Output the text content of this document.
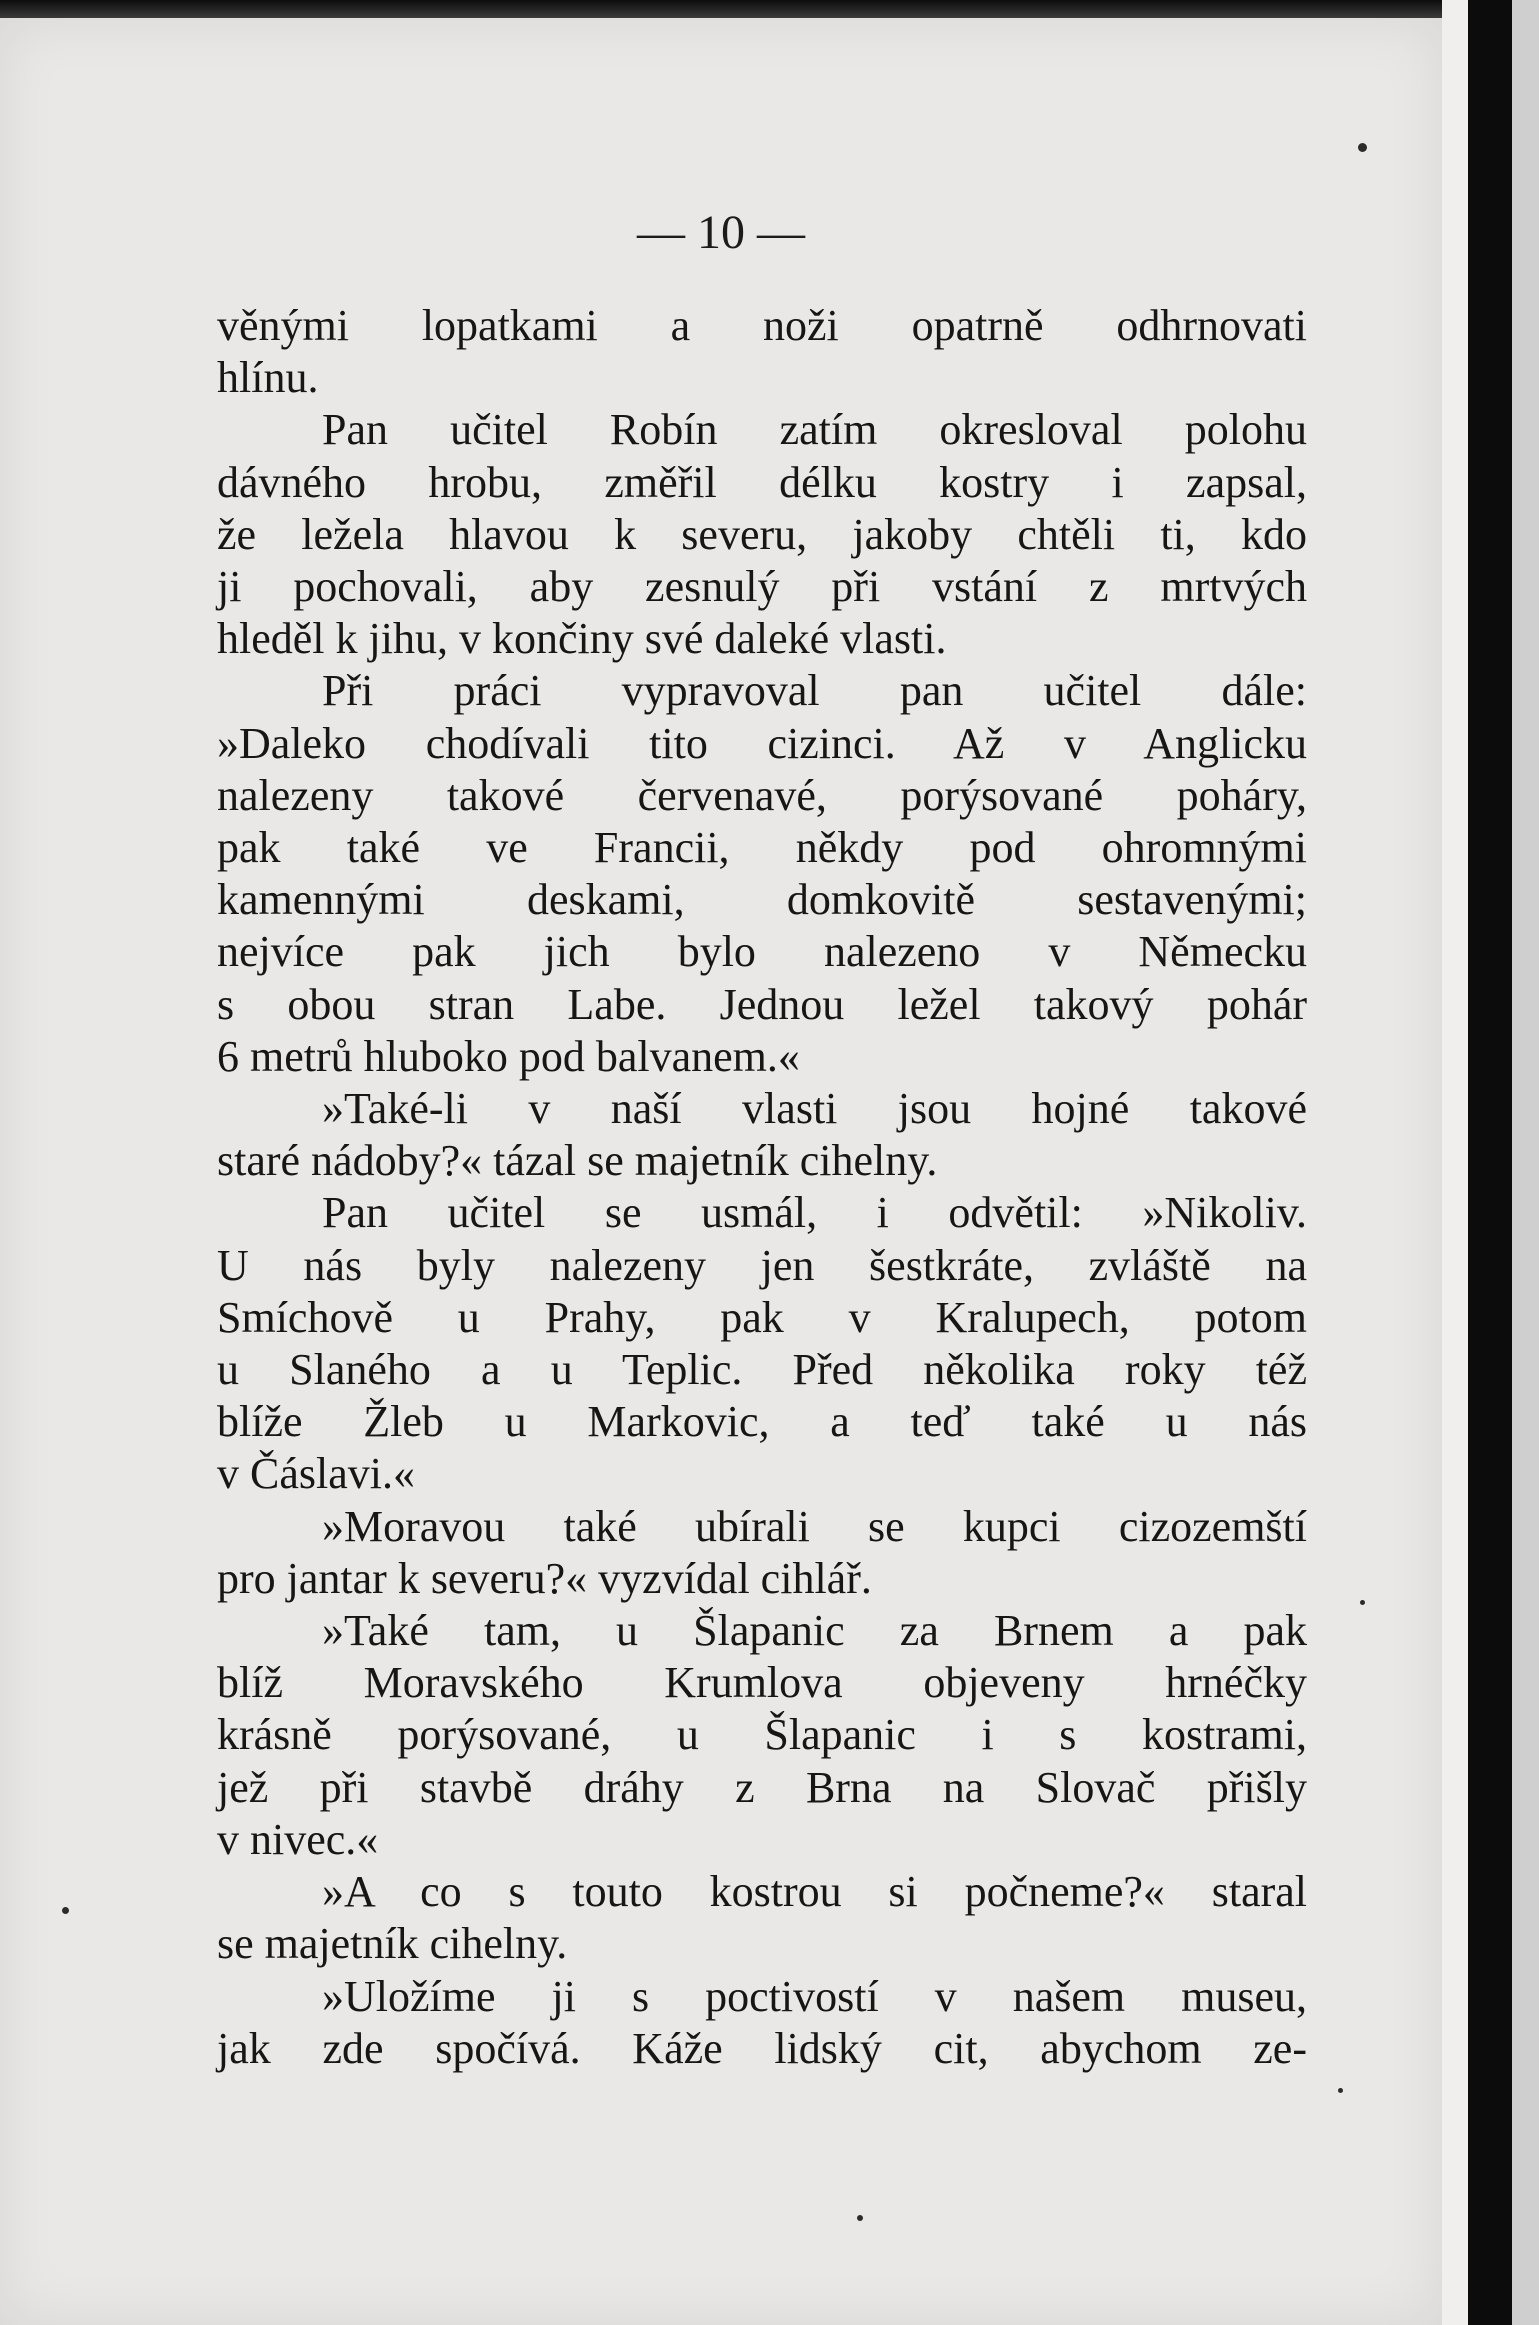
— 10 —
věnými lopatkami a noži opatrně odhrnovati
hlínu.
Pan učitel Robín zatím okresloval polohu
dávného hrobu, změřil délku kostry i zapsal,
že ležela hlavou k severu, jakoby chtěli ti, kdo
ji pochovali, aby zesnulý při vstání z mrtvých
hleděl k jihu, v končiny své daleké vlasti.
Při práci vypravoval pan učitel dále:
»Daleko chodívali tito cizinci. Až v Anglicku
nalezeny takové červenavé, porýsované poháry,
pak také ve Francii, někdy pod ohromnými
kamennými deskami, domkovitě sestavenými;
nejvíce pak jich bylo nalezeno v Německu
s obou stran Labe. Jednou ležel takový pohár
6 metrů hluboko pod balvanem.«
»Také-li v naší vlasti jsou hojné takové
staré nádoby?« tázal se majetník cihelny.
Pan učitel se usmál, i odvětil: »Nikoliv.
U nás byly nalezeny jen šestkráte, zvláště na
Smíchově u Prahy, pak v Kralupech, potom
u Slaného a u Teplic. Před několika roky též
blíže Žleb u Markovic, a teď také u nás
v Čáslavi.«
»Moravou také ubírali se kupci cizozemští
pro jantar k severu?« vyzvídal cihlář.
»Také tam, u Šlapanic za Brnem a pak
blíž Moravského Krumlova objeveny hrnéčky
krásně porýsované, u Šlapanic i s kostrami,
jež při stavbě dráhy z Brna na Slovač přišly
v nivec.«
»A co s touto kostrou si počneme?« staral
se majetník cihelny.
»Uložíme ji s poctivostí v našem museu,
jak zde spočívá. Káže lidský cit, abychom ze-
